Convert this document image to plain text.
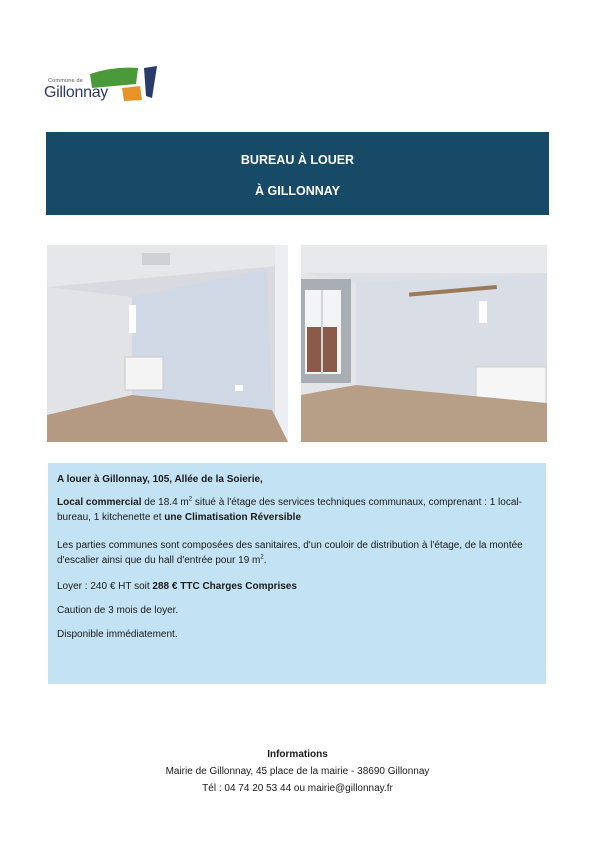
Commune de
Gillonnay
BUREAU À LOUER
À GILLONNAY

A louer à Gillonnay, 105, Allée de la Soierie,

Local commercial de 18.4 $m^2$ situé à l'étage des services techniques communaux, comprenant : 1 local-bureau, 1 kitchenette et une Climatisation Réversible

Les parties communes sont composées des sanitaires, d'un couloir de distribution à l'étage, de la montée d'escalier ainsi que du hall d'entrée pour 19 $m^2$.

Loyer : 240 € HT soit 288 € TTC Charges Comprises

Caution de 3 mois de loyer.

Disponible immédiatement.

Informations
Mairie de Gillonnay, 45 place de la mairie - 38690 Gillonnay
Tél : 04 74 20 53 44 ou mairie@gillonnay.fr
